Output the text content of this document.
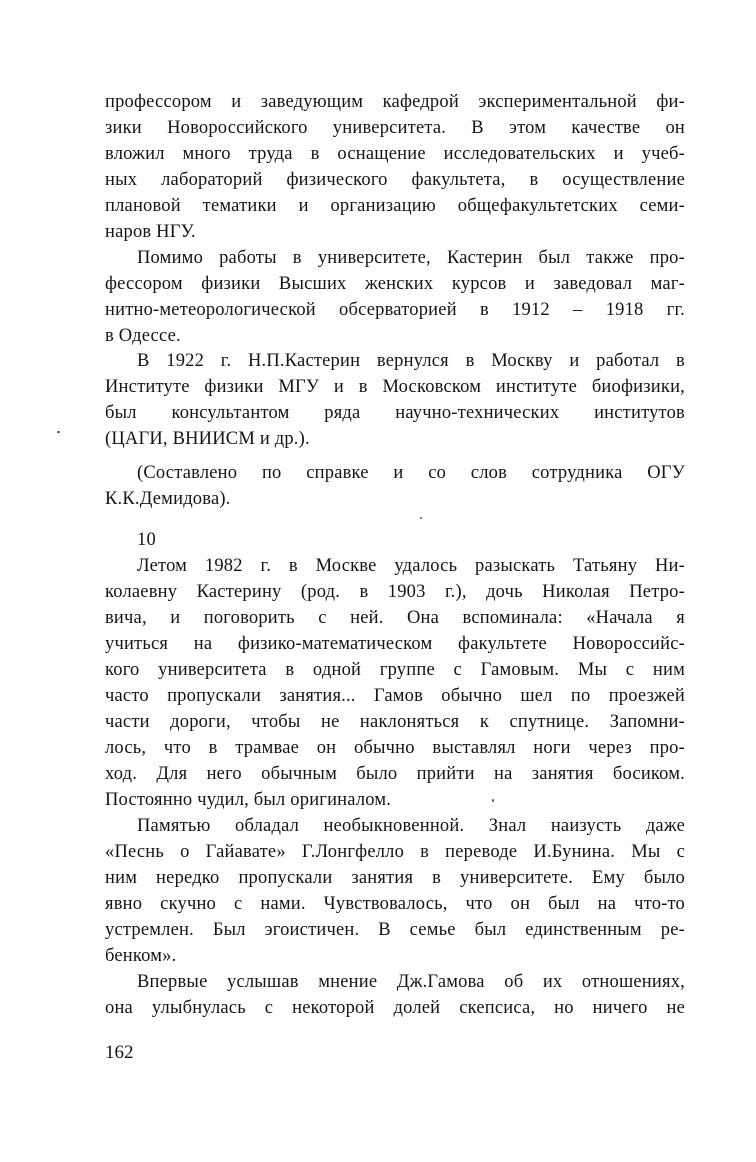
профессором и заведующим кафедрой экспериментальной фи-
зики Новороссийского университета. В этом качестве он
вложил много труда в оснащение исследовательских и учеб-
ных лабораторий физического факультета, в осуществление
плановой тематики и организацию общефакультетских семи-
наров НГУ.
Помимо работы в университете, Кастерин был также про-
фессором физики Высших женских курсов и заведовал маг-
нитно-метеорологической обсерваторией в 1912 – 1918 гг.
в Одессе.
В 1922 г. Н.П.Кастерин вернулся в Москву и работал в
Институте физики МГУ и в Московском институте биофизики,
был консультантом ряда научно-технических институтов
(ЦАГИ, ВНИИСМ и др.).
(Составлено по справке и со слов сотрудника ОГУ
К.К.Демидова).
10
Летом 1982 г. в Москве удалось разыскать Татьяну Ни-
колаевну Кастерину (род. в 1903 г.), дочь Николая Петро-
вича, и поговорить с ней. Она вспоминала: «Начала я
учиться на физико-математическом факультете Новороссийс-
кого университета в одной группе с Гамовым. Мы с ним
часто пропускали занятия... Гамов обычно шел по проезжей
части дороги, чтобы не наклоняться к спутнице. Запомни-
лось, что в трамвае он обычно выставлял ноги через про-
ход. Для него обычным было прийти на занятия босиком.
Постоянно чудил, был оригиналом.
Памятью обладал необыкновенной. Знал наизусть даже
«Песнь о Гайавате» Г.Лонгфелло в переводе И.Бунина. Мы с
ним нередко пропускали занятия в университете. Ему было
явно скучно с нами. Чувствовалось, что он был на что-то
устремлен. Был эгоистичен. В семье был единственным ре-
бенком».
Впервые услышав мнение Дж.Гамова об их отношениях,
она улыбнулась с некоторой долей скепсиса, но ничего не
162
